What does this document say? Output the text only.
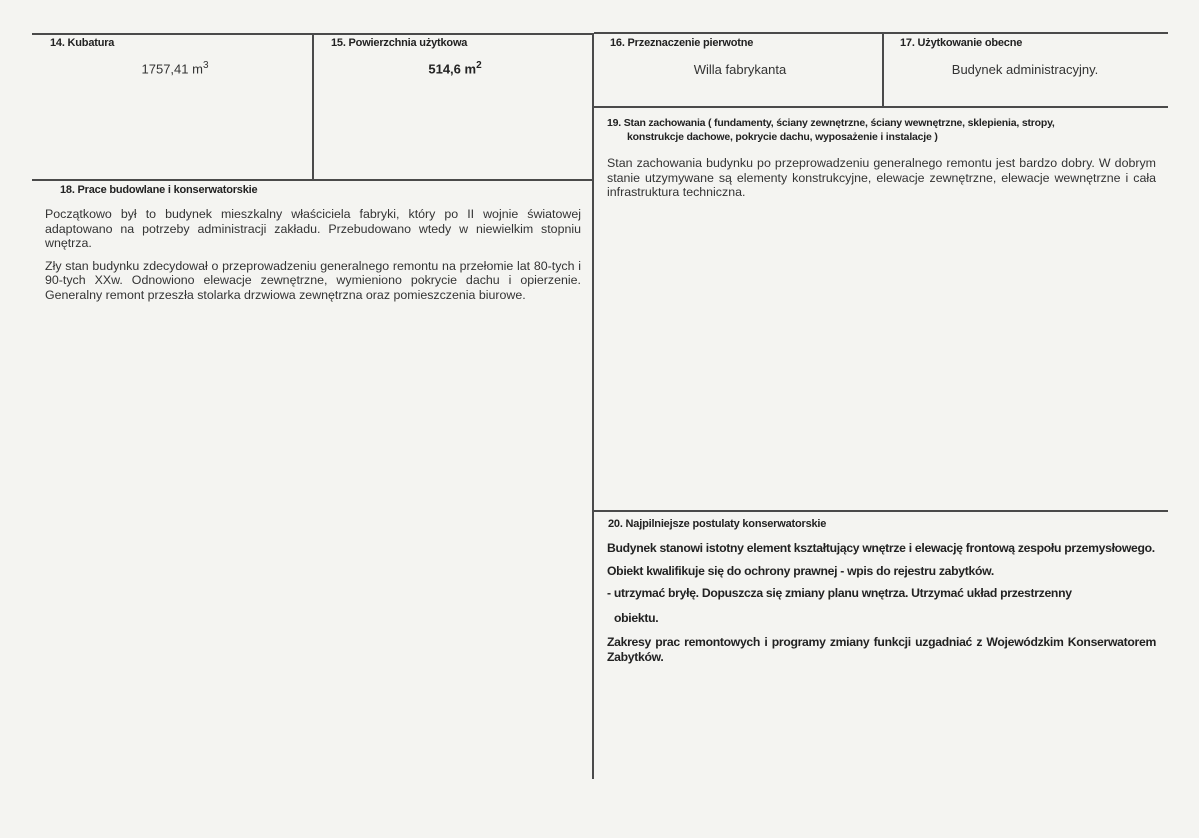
14. Kubatura
1757,41 $m^3$
15. Powierzchnia użytkowa
514,6 $m^2$
16. Przeznaczenie pierwotne
Willa fabrykanta
17. Użytkowanie obecne
Budynek administracyjny.
19. Stan zachowania ( fundamenty, ściany zewnętrzne, ściany wewnętrzne, sklepienia, stropy,
konstrukcje dachowe, pokrycie dachu, wyposażenie i instalacje )

Stan zachowania budynku po przeprowadzeniu generalnego remontu jest bardzo dobry. W dobrym stanie utzymywane są elementy konstrukcyjne, elewacje zewnętrzne, elewacje wewnętrzne i cała infrastruktura techniczna.

18. Prace budowlane i konserwatorskie

Początkowo był to budynek mieszkalny właściciela fabryki, który po II wojnie światowej adaptowano na potrzeby administracji zakładu. Przebudowano wtedy w niewielkim stopniu wnętrza.

Zły stan budynku zdecydował o przeprowadzeniu generalnego remontu na przełomie lat 80-tych i 90-tych XXw. Odnowiono elewacje zewnętrzne, wymieniono pokrycie dachu i opierzenie. Generalny remont przeszła stolarka drzwiowa zewnętrzna oraz pomieszczenia biurowe.

20. Najpilniejsze postulaty konserwatorskie

Budynek stanowi istotny element kształtujący wnętrze i elewację frontową zespołu przemysłowego.

Obiekt kwalifikuje się do ochrony prawnej - wpis do rejestru zabytków.

- utrzymać bryłę. Dopuszcza się zmiany planu wnętrza. Utrzymać układ przestrzenny

obiektu.

Zakresy prac remontowych i programy zmiany funkcji uzgadniać z Wojewódzkim Konserwatorem Zabytków.
